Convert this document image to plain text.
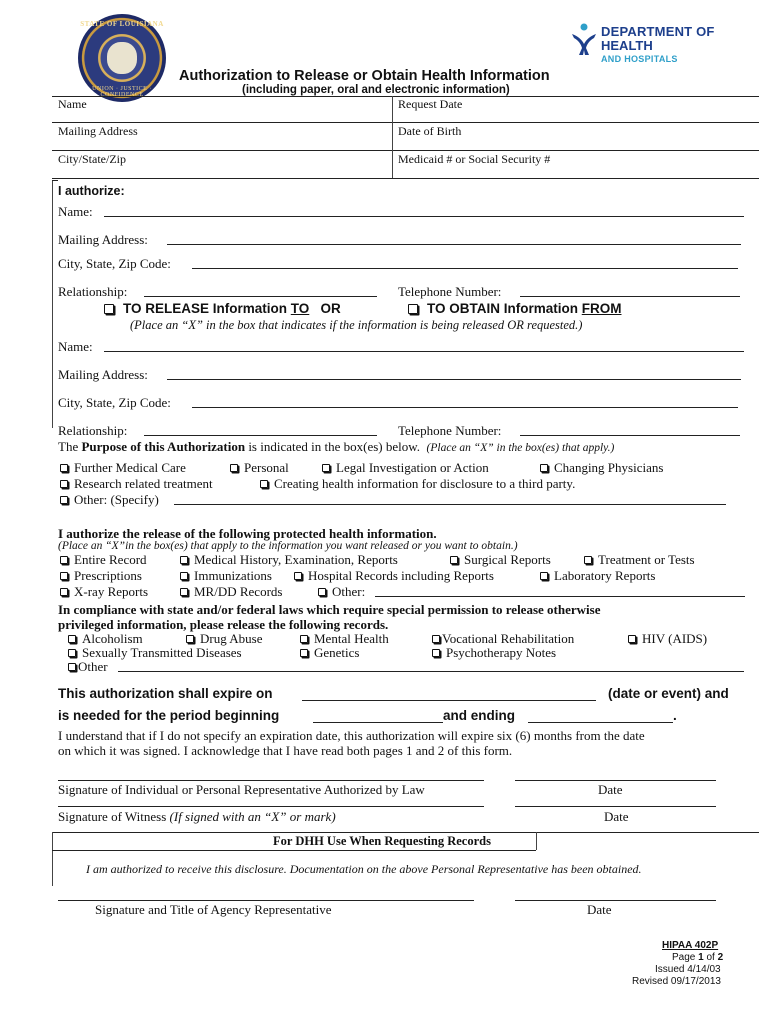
STATE OF LOUISIANA
UNION · JUSTICE · CONFIDENCE
DEPARTMENT OF
HEALTH
AND HOSPITALS
Authorization to Release or Obtain Health Information
(including paper, oral and electronic information)
Name	Request Date
Mailing Address	Date of Birth
City/State/Zip	Medicaid # or Social Security #
I authorize:
Name:
Mailing Address:
City, State, Zip Code:
Relationship:	Telephone Number:
TO RELEASE Information TO OR	TO OBTAIN Information FROM
(Place an “X” in the box that indicates if the information is being released OR requested.)
Name:
Mailing Address:
City, State, Zip Code:
Relationship:	Telephone Number:
The Purpose of this Authorization is indicated in the box(es) below. (Place an “X” in the box(es) that apply.)
Further Medical Care	Personal	Legal Investigation or Action	Changing Physicians
Research related treatment	Creating health information for disclosure to a third party.
Other: (Specify)
I authorize the release of the following protected health information.
(Place an “X”in the box(es) that apply to the information you want released or you want to obtain.)
Entire Record	Medical History, Examination, Reports	Surgical Reports	Treatment or Tests
Prescriptions	Immunizations	Hospital Records including Reports	Laboratory Reports
X-ray Reports	MR/DD Records	Other:
In compliance with state and/or federal laws which require special permission to release otherwise
privileged information, please release the following records.
Alcoholism	Drug Abuse	Mental Health	Vocational Rehabilitation	HIV (AIDS)
Sexually Transmitted Diseases	Genetics	Psychotherapy Notes
Other
This authorization shall expire on	(date or event) and
is needed for the period beginning	and ending	.
I understand that if I do not specify an expiration date, this authorization will expire six (6) months from the date
on which it was signed. I acknowledge that I have read both pages 1 and 2 of this form.
Signature of Individual or Personal Representative Authorized by Law	Date
Signature of Witness (If signed with an “X” or mark)	Date
For DHH Use When Requesting Records
I am authorized to receive this disclosure. Documentation on the above Personal Representative has been obtained.
Signature and Title of Agency Representative	Date
HIPAA 402P
Page 1 of 2
Issued 4/14/03
Revised 09/17/2013
